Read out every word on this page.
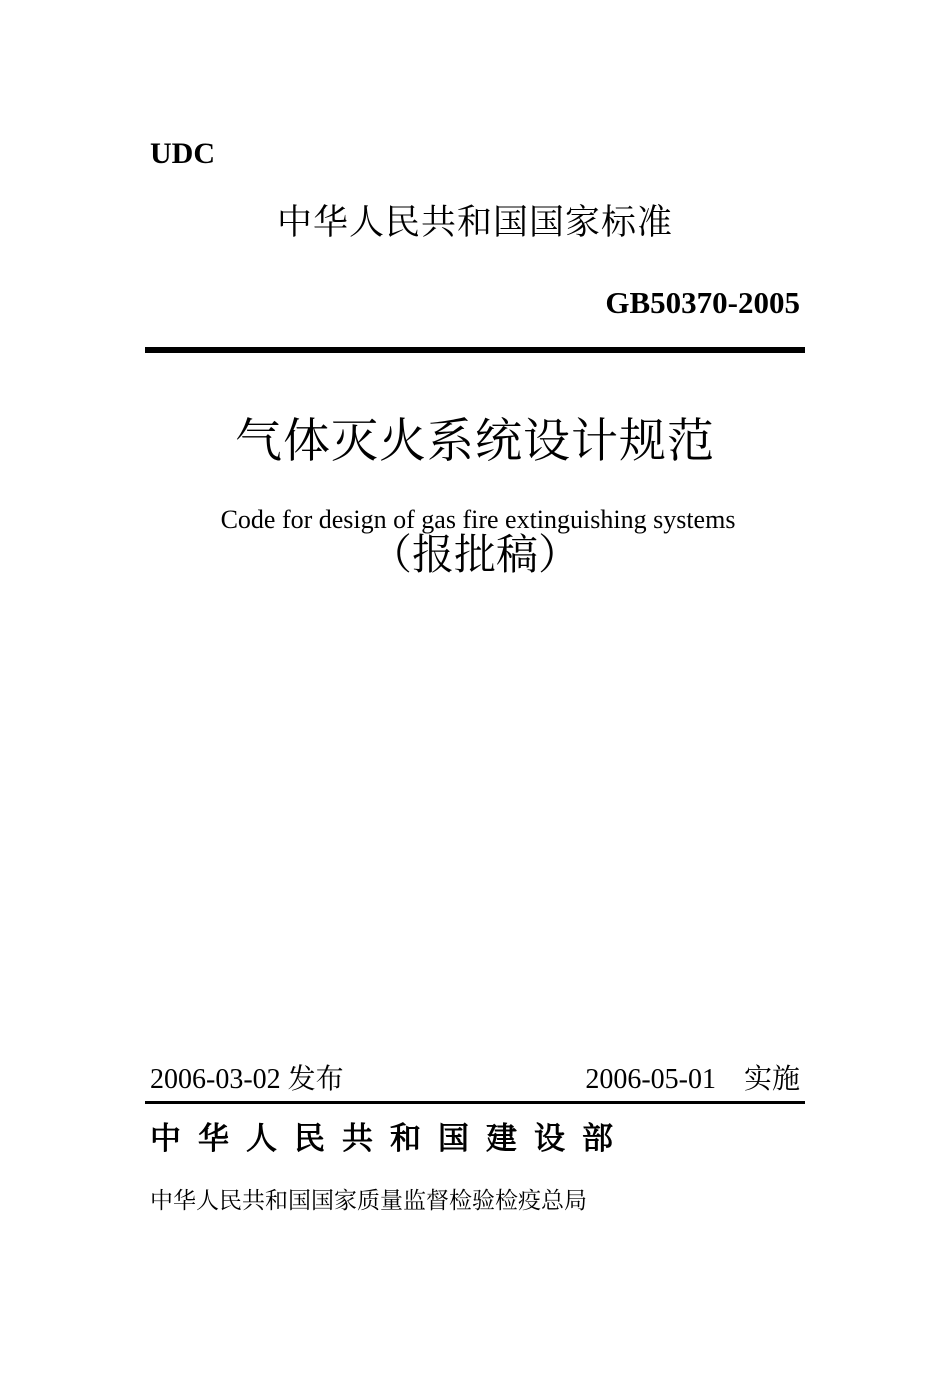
UDC
中华人民共和国国家标准
GB50370-2005
气体灭火系统设计规范
Code for design of gas fire extinguishing systems
（报批稿）
2006-03-02 发布	2006-05-01　实施
中华人民共和国建设部
中华人民共和国国家质量监督检验检疫总局
